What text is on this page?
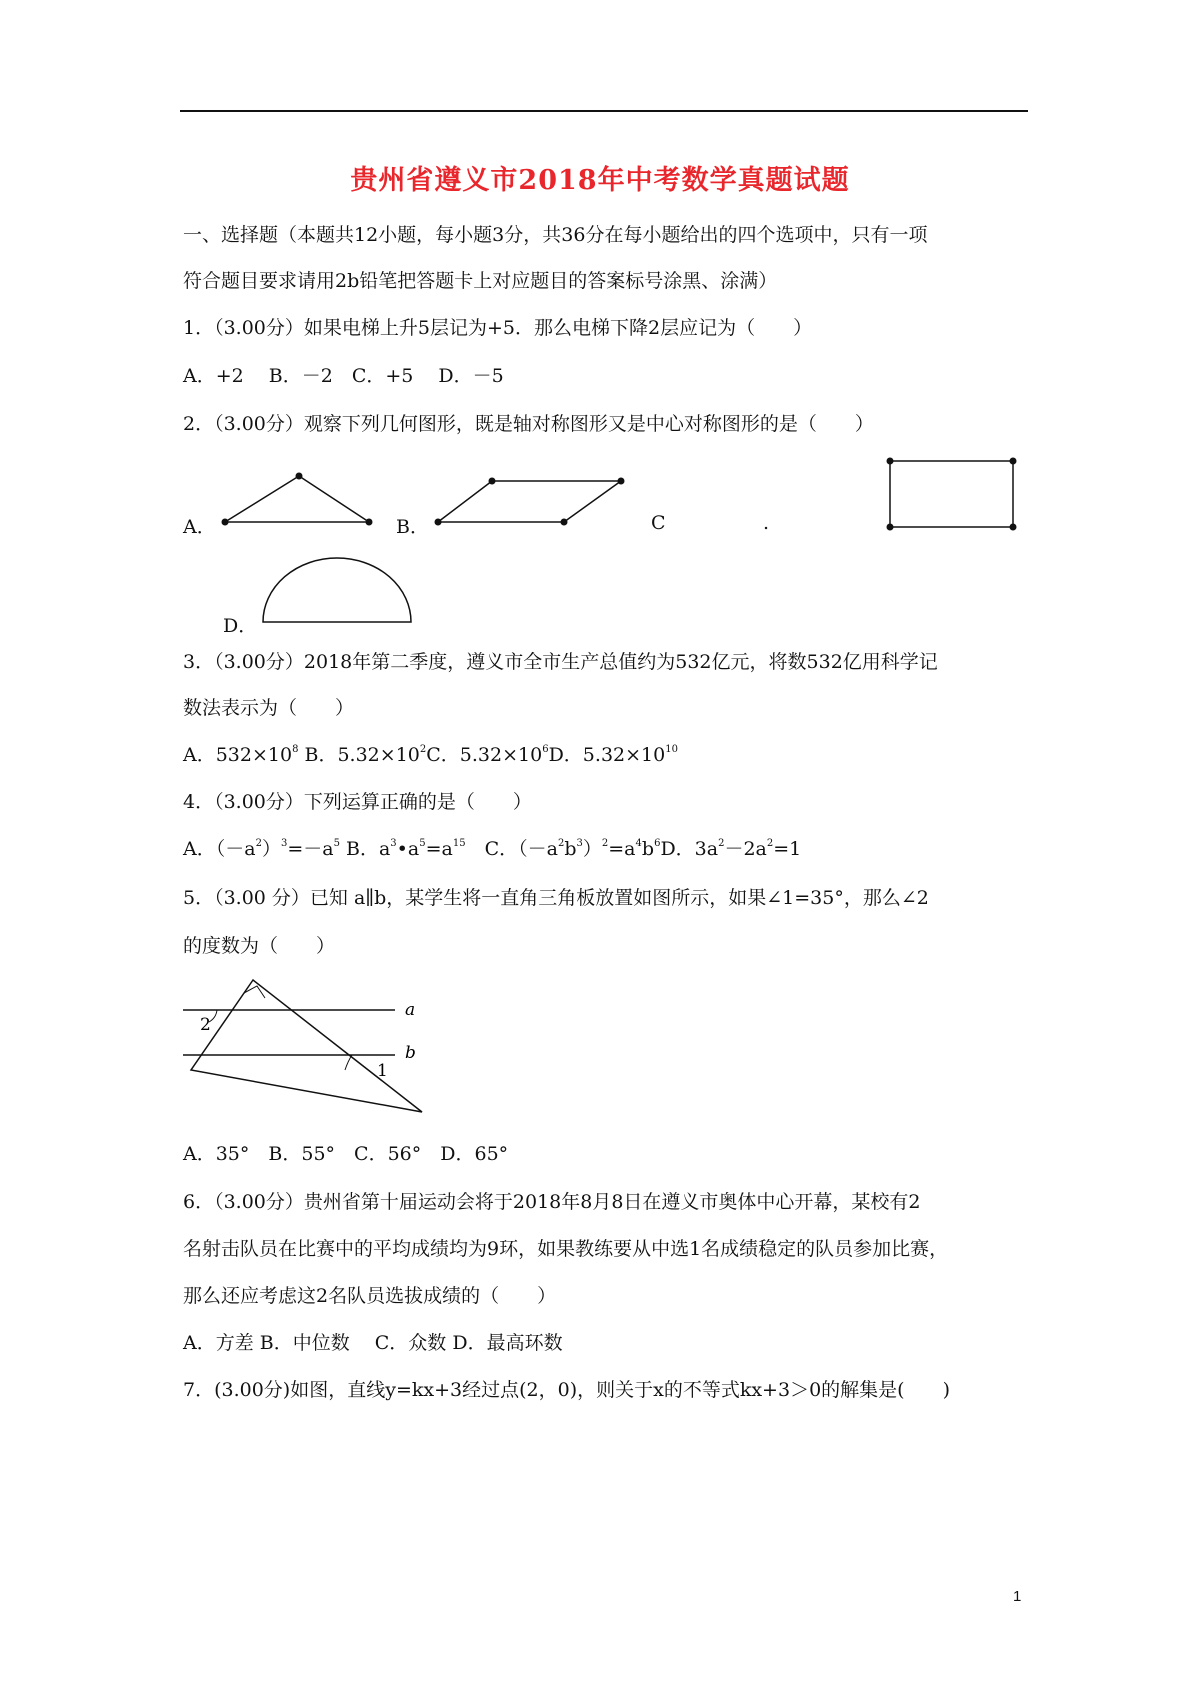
贵州省遵义市2018年中考数学真题试题
一、选择题（本题共12小题，每小题3分，共36分在每小题给出的四个选项中，只有一项
符合题目要求请用2b铅笔把答题卡上对应题目的答案标号涂黑、涂满）
1．（3.00分）如果电梯上升5层记为+5．那么电梯下降2层应记为（　　）
A．+2　 B．－2　C．+5　 D．－5
2．（3.00分）观察下列几何图形，既是轴对称图形又是中心对称图形的是（　　）
A．	B．	C	.
D．
3．（3.00分）2018年第二季度，遵义市全市生产总值约为532亿元，将数532亿用科学记
数法表示为（　　）
A．$532\times 10^8$ B．$5.32\times 10^2C$．$5.32\times 10^6D$．$5.32\times 10^{10}$
4．（3.00分）下列运算正确的是（　　）
A．$(-a^2)^3=-a^5$ B．$a^3•a^5=a^{15}$　C．$(-a^2b^3)^2=a^4b^6D$．$3a^2-2a^2=1$
5．（3.00 分）已知 a∥b，某学生将一直角三角板放置如图所示，如果∠1=35°，那么∠2
的度数为（　　）
a
b
1
2
A．35°　B．55°　C．56°　D．65°
6．（3.00分）贵州省第十届运动会将于2018年8月8日在遵义市奥体中心开幕，某校有2
名射击队员在比赛中的平均成绩均为9环，如果教练要从中选1名成绩稳定的队员参加比赛，
那么还应考虑这2名队员选拔成绩的（　　）
A．方差 B．中位数　 C．众数 D．最高环数
7．(3.00分)如图，直线y=kx+3经过点(2，0)，则关于x的不等式kx+3＞0的解集是(　　)
1
